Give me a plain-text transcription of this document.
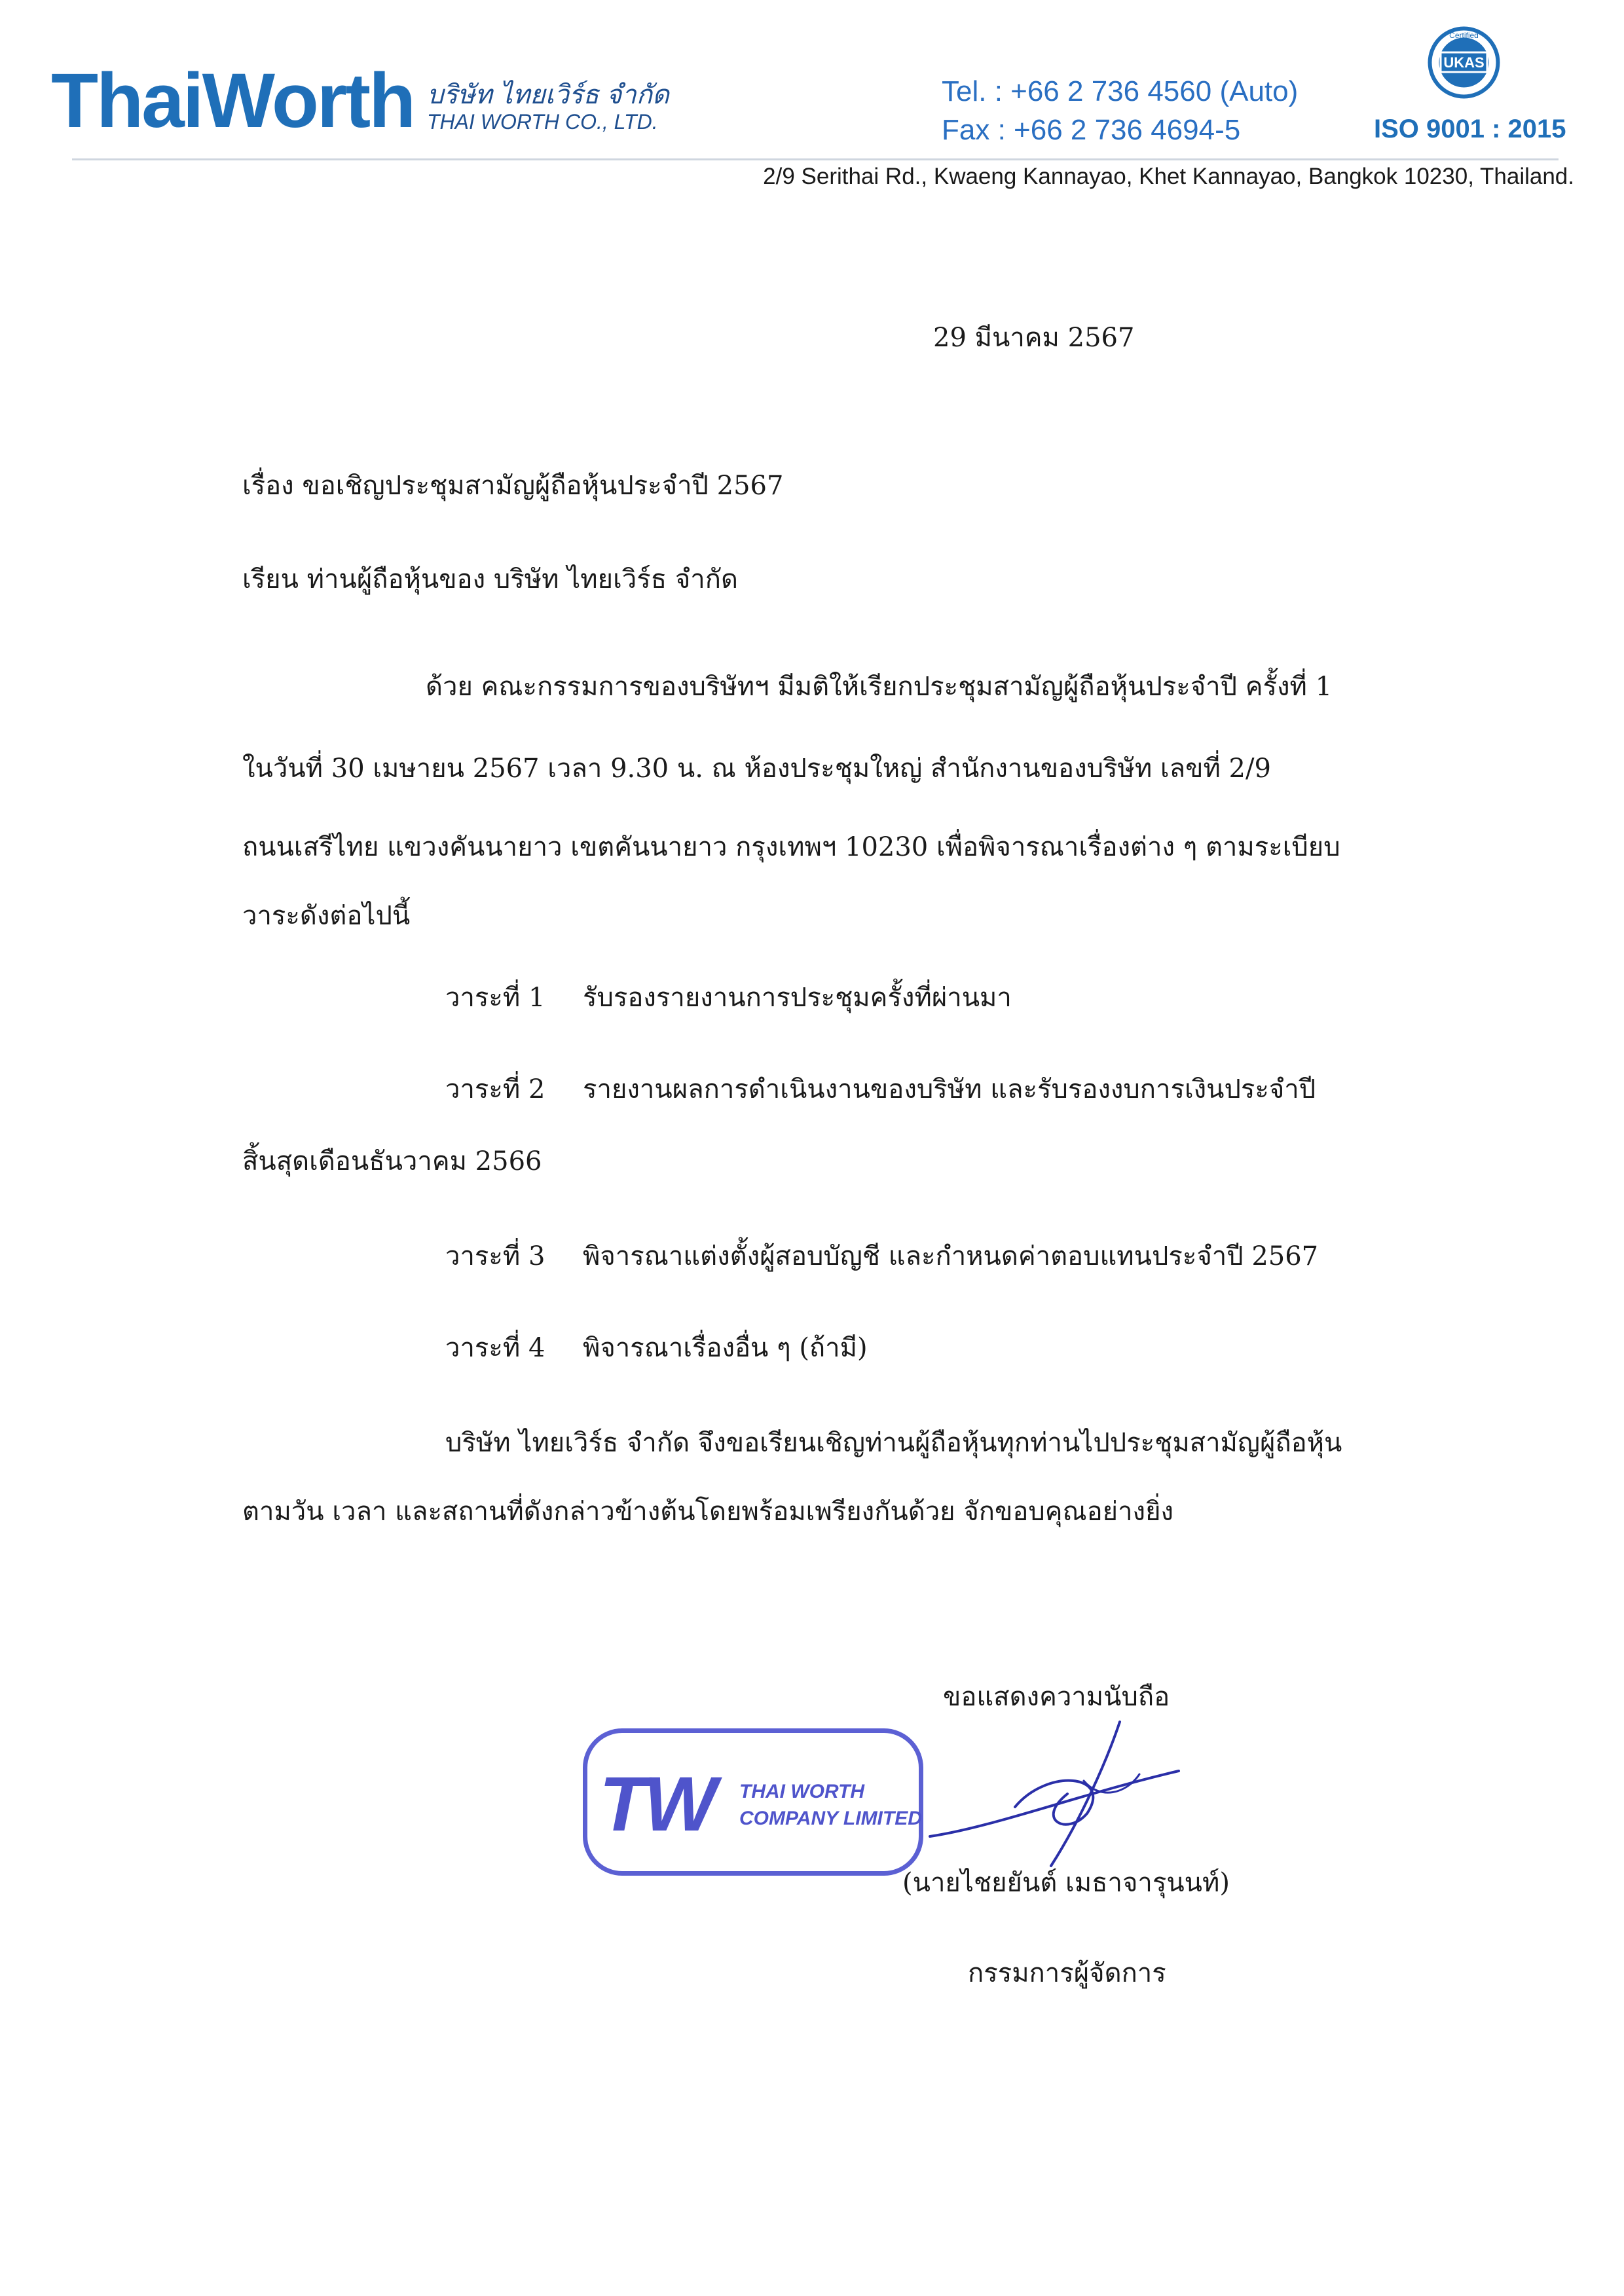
ThaiWorth บริษัท ไทยเวิร์ธ จำกัด
THAI WORTH CO., LTD.
Tel. : +66 2 736 4560 (Auto)
Fax : +66 2 736 4694-5
UKAS
Certified
ISO 9001 : 2015
2/9 Serithai Rd., Kwaeng Kannayao, Khet Kannayao, Bangkok 10230, Thailand.
29 มีนาคม 2567
เรื่อง ขอเชิญประชุมสามัญผู้ถือหุ้นประจำปี 2567
เรียน ท่านผู้ถือหุ้นของ บริษัท ไทยเวิร์ธ จำกัด
ด้วย คณะกรรมการของบริษัทฯ มีมติให้เรียกประชุมสามัญผู้ถือหุ้นประจำปี ครั้งที่ 1
ในวันที่ 30 เมษายน 2567 เวลา 9.30 น. ณ ห้องประชุมใหญ่ สำนักงานของบริษัท เลขที่ 2/9
ถนนเสรีไทย แขวงคันนายาว เขตคันนายาว กรุงเทพฯ 10230 เพื่อพิจารณาเรื่องต่าง ๆ ตามระเบียบ
วาระดังต่อไปนี้
วาระที่ 1 รับรองรายงานการประชุมครั้งที่ผ่านมา
วาระที่ 2 รายงานผลการดำเนินงานของบริษัท และรับรองงบการเงินประจำปี
สิ้นสุดเดือนธันวาคม 2566
วาระที่ 3 พิจารณาแต่งตั้งผู้สอบบัญชี และกำหนดค่าตอบแทนประจำปี 2567
วาระที่ 4 พิจารณาเรื่องอื่น ๆ (ถ้ามี)
บริษัท ไทยเวิร์ธ จำกัด จึงขอเรียนเชิญท่านผู้ถือหุ้นทุกท่านไปประชุมสามัญผู้ถือหุ้น
ตามวัน เวลา และสถานที่ดังกล่าวข้างต้นโดยพร้อมเพรียงกันด้วย จักขอบคุณอย่างยิ่ง
ขอแสดงความนับถือ
TW THAI WORTH
COMPANY LIMITED
(นายไชยยันต์ เมธาจารุนนท์)
กรรมการผู้จัดการ
